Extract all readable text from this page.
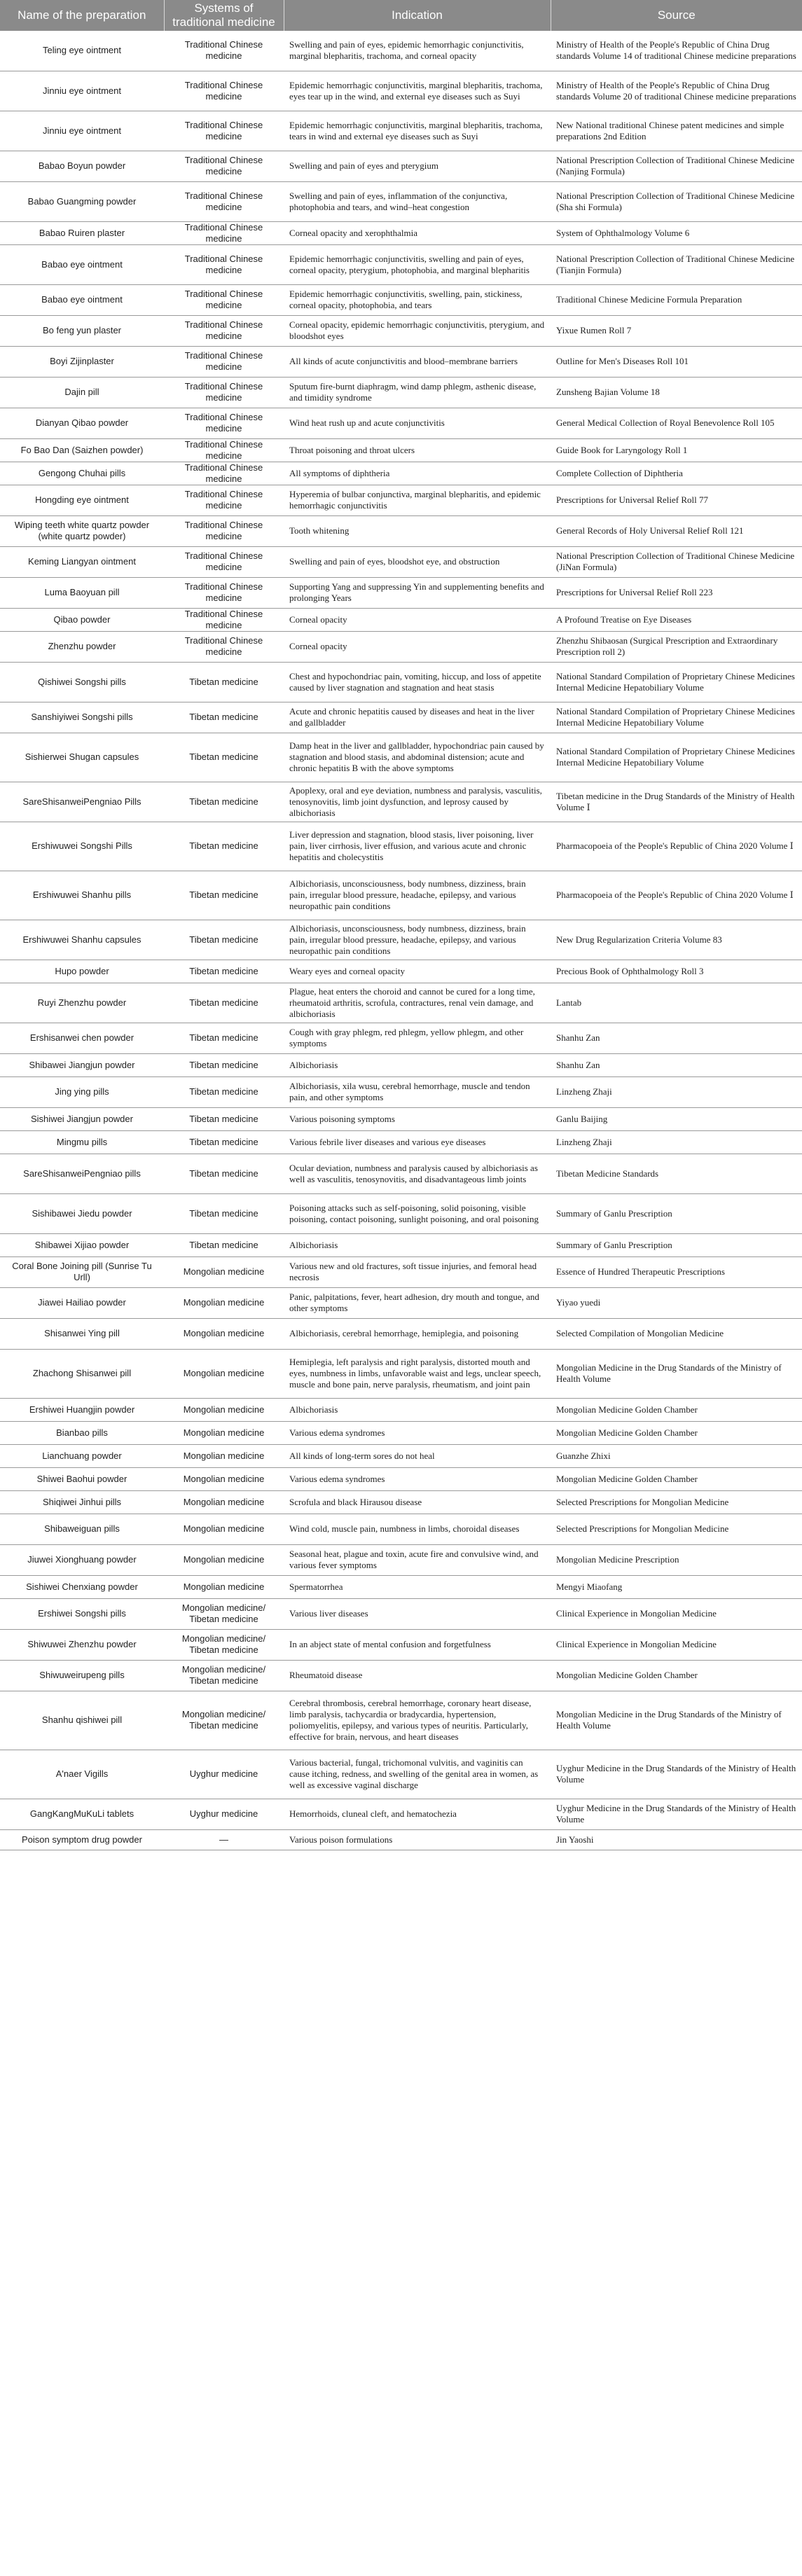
Name of the preparation	Systems of traditional medicine	Indication	Source
Teling eye ointment	Traditional Chinese medicine	Swelling and pain of eyes, epidemic hemorrhagic conjunctivitis, marginal blepharitis, trachoma, and corneal opacity	Ministry of Health of the People's Republic of China Drug standards Volume 14 of traditional Chinese medicine preparations
Jinniu eye ointment	Traditional Chinese medicine	Epidemic hemorrhagic conjunctivitis, marginal blepharitis, trachoma, eyes tear up in the wind, and external eye diseases such as Suyi	Ministry of Health of the People's Republic of China Drug standards Volume 20 of traditional Chinese medicine preparations
Jinniu eye ointment	Traditional Chinese medicine	Epidemic hemorrhagic conjunctivitis, marginal blepharitis, trachoma, tears in wind and external eye diseases such as Suyi	New National traditional Chinese patent medicines and simple preparations 2nd Edition
Babao Boyun powder	Traditional Chinese medicine	Swelling and pain of eyes and pterygium	National Prescription Collection of Traditional Chinese Medicine (Nanjing Formula)
Babao Guangming powder	Traditional Chinese medicine	Swelling and pain of eyes, inflammation of the conjunctiva, photophobia and tears, and wind–heat congestion	National Prescription Collection of Traditional Chinese Medicine (Sha shi Formula)
Babao Ruiren plaster	Traditional Chinese medicine	Corneal opacity and xerophthalmia	System of Ophthalmology Volume 6
Babao eye ointment	Traditional Chinese medicine	Epidemic hemorrhagic conjunctivitis, swelling and pain of eyes, corneal opacity, pterygium, photophobia, and marginal blepharitis	National Prescription Collection of Traditional Chinese Medicine (Tianjin Formula)
Babao eye ointment	Traditional Chinese medicine	Epidemic hemorrhagic conjunctivitis, swelling, pain, stickiness, corneal opacity, photophobia, and tears	Traditional Chinese Medicine Formula Preparation
Bo feng yun plaster	Traditional Chinese medicine	Corneal opacity, epidemic hemorrhagic conjunctivitis, pterygium, and bloodshot eyes	Yixue Rumen Roll 7
Boyi Zijinplaster	Traditional Chinese medicine	All kinds of acute conjunctivitis and blood–membrane barriers	Outline for Men's Diseases Roll 101
Dajin pill	Traditional Chinese medicine	Sputum fire-burnt diaphragm, wind damp phlegm, asthenic disease, and timidity syndrome	Zunsheng Bajian Volume 18
Dianyan Qibao powder	Traditional Chinese medicine	Wind heat rush up and acute conjunctivitis	General Medical Collection of Royal Benevolence Roll 105
Fo Bao Dan (Saizhen powder)	Traditional Chinese medicine	Throat poisoning and throat ulcers	Guide Book for Laryngology Roll 1
Gengong Chuhai pills	Traditional Chinese medicine	All symptoms of diphtheria	Complete Collection of Diphtheria
Hongding eye ointment	Traditional Chinese medicine	Hyperemia of bulbar conjunctiva, marginal blepharitis, and epidemic hemorrhagic conjunctivitis	Prescriptions for Universal Relief Roll 77
Wiping teeth white quartz powder (white quartz powder)	Traditional Chinese medicine	Tooth whitening	General Records of Holy Universal Relief Roll 121
Keming Liangyan ointment	Traditional Chinese medicine	Swelling and pain of eyes, bloodshot eye, and obstruction	National Prescription Collection of Traditional Chinese Medicine (JiNan Formula)
Luma Baoyuan pill	Traditional Chinese medicine	Supporting Yang and suppressing Yin and supplementing benefits and prolonging Years	Prescriptions for Universal Relief Roll 223
Qibao powder	Traditional Chinese medicine	Corneal opacity	A Profound Treatise on Eye Diseases
Zhenzhu powder	Traditional Chinese medicine	Corneal opacity	Zhenzhu Shibaosan (Surgical Prescription and Extraordinary Prescription roll 2)
Qishiwei Songshi pills	Tibetan medicine	Chest and hypochondriac pain, vomiting, hiccup, and loss of appetite caused by liver stagnation and stagnation and heat stasis	National Standard Compilation of Proprietary Chinese Medicines Internal Medicine Hepatobiliary Volume
Sanshiyiwei Songshi pills	Tibetan medicine	Acute and chronic hepatitis caused by diseases and heat in the liver and gallbladder	National Standard Compilation of Proprietary Chinese Medicines Internal Medicine Hepatobiliary Volume
Sishierwei Shugan capsules	Tibetan medicine	Damp heat in the liver and gallbladder, hypochondriac pain caused by stagnation and blood stasis, and abdominal distension; acute and chronic hepatitis B with the above symptoms	National Standard Compilation of Proprietary Chinese Medicines Internal Medicine Hepatobiliary Volume
SareShisanweiPengniao Pills	Tibetan medicine	Apoplexy, oral and eye deviation, numbness and paralysis, vasculitis, tenosynovitis, limb joint dysfunction, and leprosy caused by albichoriasis	Tibetan medicine in the Drug Standards of the Ministry of Health Volume Ⅰ
Ershiwuwei Songshi Pills	Tibetan medicine	Liver depression and stagnation, blood stasis, liver poisoning, liver pain, liver cirrhosis, liver effusion, and various acute and chronic hepatitis and cholecystitis	Pharmacopoeia of the People's Republic of China 2020 Volume Ⅰ
Ershiwuwei Shanhu pills	Tibetan medicine	Albichoriasis, unconsciousness, body numbness, dizziness, brain pain, irregular blood pressure, headache, epilepsy, and various neuropathic pain conditions	Pharmacopoeia of the People's Republic of China 2020 Volume Ⅰ
Ershiwuwei Shanhu capsules	Tibetan medicine	Albichoriasis, unconsciousness, body numbness, dizziness, brain pain, irregular blood pressure, headache, epilepsy, and various neuropathic pain conditions	New Drug Regularization Criteria Volume 83
Hupo powder	Tibetan medicine	Weary eyes and corneal opacity	Precious Book of Ophthalmology Roll 3
Ruyi Zhenzhu powder	Tibetan medicine	Plague, heat enters the choroid and cannot be cured for a long time, rheumatoid arthritis, scrofula, contractures, renal vein damage, and albichoriasis	Lantab
Ershisanwei chen powder	Tibetan medicine	Cough with gray phlegm, red phlegm, yellow phlegm, and other symptoms	Shanhu Zan
Shibawei Jiangjun powder	Tibetan medicine	Albichoriasis	Shanhu Zan
Jing ying pills	Tibetan medicine	Albichoriasis, xila wusu, cerebral hemorrhage, muscle and tendon pain, and other symptoms	Linzheng Zhaji
Sishiwei Jiangjun powder	Tibetan medicine	Various poisoning symptoms	Ganlu Baijing
Mingmu pills	Tibetan medicine	Various febrile liver diseases and various eye diseases	Linzheng Zhaji
SareShisanweiPengniao pills	Tibetan medicine	Ocular deviation, numbness and paralysis caused by albichoriasis as well as vasculitis, tenosynovitis, and disadvantageous limb joints	Tibetan Medicine Standards
Sishibawei Jiedu powder	Tibetan medicine	Poisoning attacks such as self-poisoning, solid poisoning, visible poisoning, contact poisoning, sunlight poisoning, and oral poisoning	Summary of Ganlu Prescription
Shibawei Xijiao powder	Tibetan medicine	Albichoriasis	Summary of Ganlu Prescription
Coral Bone Joining pill (Sunrise Tu Urll)	Mongolian medicine	Various new and old fractures, soft tissue injuries, and femoral head necrosis	Essence of Hundred Therapeutic Prescriptions
Jiawei Hailiao powder	Mongolian medicine	Panic, palpitations, fever, heart adhesion, dry mouth and tongue, and other symptoms	Yiyao yuedi
Shisanwei Ying pill	Mongolian medicine	Albichoriasis, cerebral hemorrhage, hemiplegia, and poisoning	Selected Compilation of Mongolian Medicine
Zhachong Shisanwei pill	Mongolian medicine	Hemiplegia, left paralysis and right paralysis, distorted mouth and eyes, numbness in limbs, unfavorable waist and legs, unclear speech, muscle and bone pain, nerve paralysis, rheumatism, and joint pain	Mongolian Medicine in the Drug Standards of the Ministry of Health Volume
Ershiwei Huangjin powder	Mongolian medicine	Albichoriasis	Mongolian Medicine Golden Chamber
Bianbao pills	Mongolian medicine	Various edema syndromes	Mongolian Medicine Golden Chamber
Lianchuang powder	Mongolian medicine	All kinds of long-term sores do not heal	Guanzhe Zhixi
Shiwei Baohui powder	Mongolian medicine	Various edema syndromes	Mongolian Medicine Golden Chamber
Shiqiwei Jinhui pills	Mongolian medicine	Scrofula and black Hirausou disease	Selected Prescriptions for Mongolian Medicine
Shibaweiguan pills	Mongolian medicine	Wind cold, muscle pain, numbness in limbs, choroidal diseases	Selected Prescriptions for Mongolian Medicine
Jiuwei Xionghuang powder	Mongolian medicine	Seasonal heat, plague and toxin, acute fire and convulsive wind, and various fever symptoms	Mongolian Medicine Prescription
Sishiwei Chenxiang powder	Mongolian medicine	Spermatorrhea	Mengyi Miaofang
Ershiwei Songshi pills	Mongolian medicine/ Tibetan medicine	Various liver diseases	Clinical Experience in Mongolian Medicine
Shiwuwei Zhenzhu powder	Mongolian medicine/ Tibetan medicine	In an abject state of mental confusion and forgetfulness	Clinical Experience in Mongolian Medicine
Shiwuweirupeng pills	Mongolian medicine/ Tibetan medicine	Rheumatoid disease	Mongolian Medicine Golden Chamber
Shanhu qishiwei pill	Mongolian medicine/ Tibetan medicine	Cerebral thrombosis, cerebral hemorrhage, coronary heart disease, limb paralysis, tachycardia or bradycardia, hypertension, poliomyelitis, epilepsy, and various types of neuritis. Particularly, effective for brain, nervous, and heart diseases	Mongolian Medicine in the Drug Standards of the Ministry of Health Volume
A'naer Vigills	Uyghur medicine	Various bacterial, fungal, trichomonal vulvitis, and vaginitis can cause itching, redness, and swelling of the genital area in women, as well as excessive vaginal discharge	Uyghur Medicine in the Drug Standards of the Ministry of Health Volume
GangKangMuKuLi tablets	Uyghur medicine	Hemorrhoids, cluneal cleft, and hematochezia	Uyghur Medicine in the Drug Standards of the Ministry of Health Volume
Poison symptom drug powder	—	Various poison formulations	Jin Yaoshi
